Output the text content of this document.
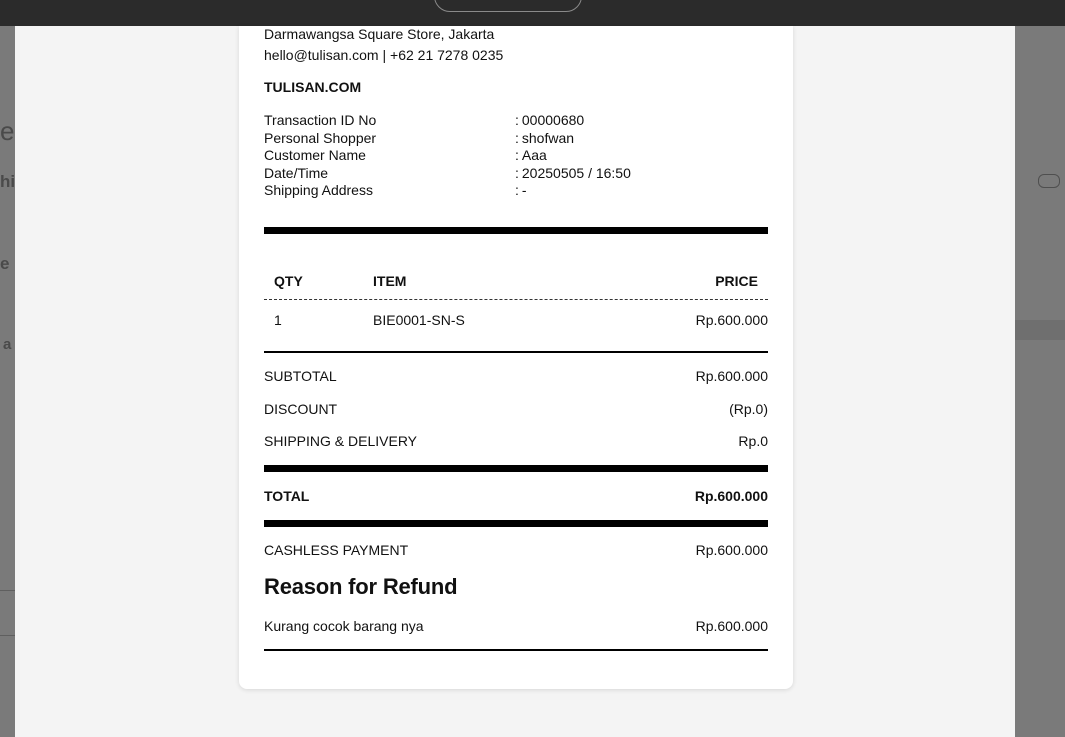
e
hi
e
a
Darmawangsa Square Store, Jakarta
hello@tulisan.com | +62 21 7278 0235
TULISAN.COM
Transaction ID No	: 00000680
Personal Shopper	: shofwan
Customer Name	: Aaa
Date/Time	: 20250505 / 16:50
Shipping Address	: -
QTY	ITEM	PRICE
1	BIE0001-SN-S	Rp.600.000
SUBTOTAL	Rp.600.000
DISCOUNT	(Rp.0)
SHIPPING & DELIVERY	Rp.0
TOTAL	Rp.600.000
CASHLESS PAYMENT	Rp.600.000
Reason for Refund
Kurang cocok barang nya	Rp.600.000
